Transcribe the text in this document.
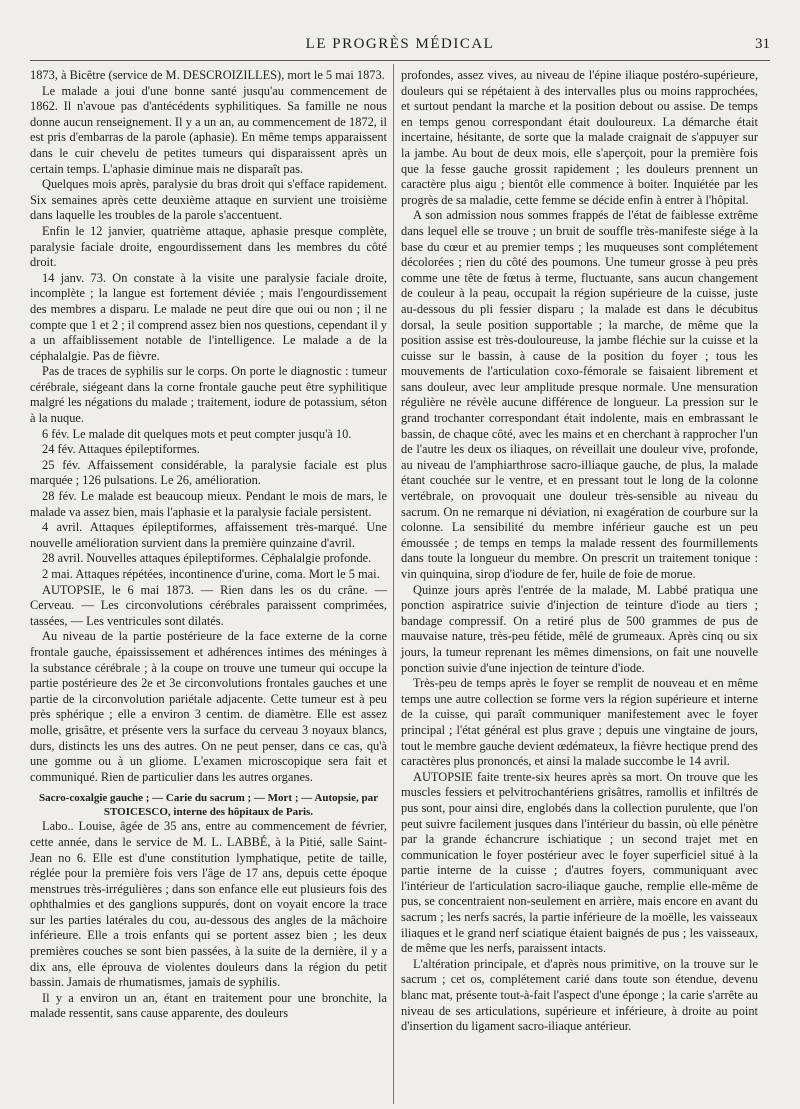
LE PROGRÈS MÉDICAL	31

1873, à Bicêtre (service de M. DESCROIZILLES), mort le 5 mai 1873.

Le malade a joui d'une bonne santé jusqu'au commencement de 1862. Il n'avoue pas d'antécédents syphilitiques. Sa famille ne nous donne aucun renseignement. Il y a un an, au commencement de 1872, il est pris d'embarras de la parole (aphasie). En même temps apparaissent dans le cuir chevelu de petites tumeurs qui disparaissent après un certain temps. L'aphasie diminue mais ne disparaît pas.

Quelques mois après, paralysie du bras droit qui s'efface rapidement. Six semaines après cette deuxième attaque en survient une troisième dans laquelle les troubles de la parole s'accentuent.

Enfin le 12 janvier, quatrième attaque, aphasie presque complète, paralysie faciale droite, engourdissement dans les membres du côté droit.

14 janv. 73. On constate à la visite une paralysie faciale droite, incomplète ; la langue est fortement déviée ; mais l'engourdissement des membres a disparu. Le malade ne peut dire que oui ou non ; il ne compte que 1 et 2 ; il comprend assez bien nos questions, cependant il y a un affaiblissement notable de l'intelligence. Le malade a de la céphalalgie. Pas de fièvre.

Pas de traces de syphilis sur le corps. On porte le diagnostic : tumeur cérébrale, siégeant dans la corne frontale gauche peut être syphilitique malgré les négations du malade ; traitement, iodure de potassium, séton à la nuque.

6 fév. Le malade dit quelques mots et peut compter jusqu'à 10.

24 fév. Attaques épileptiformes.

25 fév. Affaissement considérable, la paralysie faciale est plus marquée ; 126 pulsations. Le 26, amélioration.

28 fév. Le malade est beaucoup mieux. Pendant le mois de mars, le malade va assez bien, mais l'aphasie et la paralysie faciale persistent.

4 avril. Attaques épileptiformes, affaissement très-marqué. Une nouvelle amélioration survient dans la première quinzaine d'avril.

28 avril. Nouvelles attaques épileptiformes. Céphalalgie profonde.

2 mai. Attaques répétées, incontinence d'urine, coma. Mort le 5 mai.

AUTOPSIE, le 6 mai 1873. — Rien dans les os du crâne. — Cerveau. — Les circonvolutions cérébrales paraissent comprimées, tassées, — Les ventricules sont dilatés.

Au niveau de la partie postérieure de la face externe de la corne frontale gauche, épaississement et adhérences intimes des méninges à la substance cérébrale ; à la coupe on trouve une tumeur qui occupe la partie postérieure des 2e et 3e circonvolutions frontales gauches et une partie de la circonvolution pariétale adjacente. Cette tumeur est à peu près sphérique ; elle a environ 3 centim. de diamètre. Elle est assez molle, grisâtre, et présente vers la surface du cerveau 3 noyaux blancs, durs, distincts les uns des autres. On ne peut penser, dans ce cas, qu'à une gomme ou à un gliome. L'examen microscopique sera fait et communiqué. Rien de particulier dans les autres organes.

Sacro-coxalgie gauche ; — Carie du sacrum ; — Mort ; — Autopsie, par STOICESCO, interne des hôpitaux de Paris.

Labo.. Louise, âgée de 35 ans, entre au commencement de février, cette année, dans le service de M. L. LABBÉ, à la Pitié, salle Saint-Jean no 6. Elle est d'une constitution lymphatique, petite de taille, réglée pour la première fois vers l'âge de 17 ans, depuis cette époque menstrues très-irrégulières ; dans son enfance elle eut plusieurs fois des ophthalmies et des ganglions suppurés, dont on voyait encore la trace sur les parties latérales du cou, au-dessous des angles de la mâchoire inférieure. Elle a trois enfants qui se portent assez bien ; les deux premières couches se sont bien passées, à la suite de la dernière, il y a dix ans, elle éprouva de violentes douleurs dans la région du petit bassin. Jamais de rhumatismes, jamais de syphilis.

Il y a environ un an, étant en traitement pour une bronchite, la malade ressentit, sans cause apparente, des douleurs

profondes, assez vives, au niveau de l'épine iliaque postéro-supérieure, douleurs qui se répétaient à des intervalles plus ou moins rapprochées, et surtout pendant la marche et la position debout ou assise. De temps en temps genou correspondant était douloureux. La démarche était incertaine, hésitante, de sorte que la malade craignait de s'appuyer sur la jambe. Au bout de deux mois, elle s'aperçoit, pour la première fois que la fesse gauche grossit rapidement ; les douleurs prennent un caractère plus aigu ; bientôt elle commence à boiter. Inquiétée par les progrès de sa maladie, cette femme se décide enfin à entrer à l'hôpital.

A son admission nous sommes frappés de l'état de faiblesse extrême dans lequel elle se trouve ; un bruit de souffle très-manifeste siége à la base du cœur et au premier temps ; les muqueuses sont complétement décolorées ; rien du côté des poumons. Une tumeur grosse à peu près comme une tête de fœtus à terme, fluctuante, sans aucun changement de couleur à la peau, occupait la région supérieure de la cuisse, juste au-dessous du pli fessier disparu ; la malade est dans le décubitus dorsal, la seule position supportable ; la marche, de même que la position assise est très-douloureuse, la jambe fléchie sur la cuisse et la cuisse sur le bassin, à cause de la position du foyer ; tous les mouvements de l'articulation coxo-fémorale se faisaient librement et sans douleur, avec leur amplitude presque normale. Une mensuration régulière ne révèle aucune différence de longueur. La pression sur le grand trochanter correspondant était indolente, mais en embrassant le bassin, de chaque côté, avec les mains et en cherchant à rapprocher l'un de l'autre les deux os iliaques, on réveillait une douleur vive, profonde, au niveau de l'amphiarthrose sacro-illiaque gauche, de plus, la malade étant couchée sur le ventre, et en pressant tout le long de la colonne vertébrale, on provoquait une douleur très-sensible au niveau du sacrum. On ne remarque ni déviation, ni exagération de courbure sur la colonne. La sensibilité du membre inférieur gauche est un peu émoussée ; de temps en temps la malade ressent des fourmillements dans toute la longueur du membre. On prescrit un traitement tonique : vin quinquina, sirop d'iodure de fer, huile de foie de morue.

Quinze jours après l'entrée de la malade, M. Labbé pratiqua une ponction aspiratrice suivie d'injection de teinture d'iode au tiers ; bandage compressif. On a retiré plus de 500 grammes de pus de mauvaise nature, très-peu fétide, mêlé de grumeaux. Après cinq ou six jours, la tumeur reprenant les mêmes dimensions, on fait une nouvelle ponction suivie d'une injection de teinture d'iode.

Très-peu de temps après le foyer se remplit de nouveau et en même temps une autre collection se forme vers la région supérieure et interne de la cuisse, qui paraît communiquer manifestement avec le foyer principal ; l'état général est plus grave ; depuis une vingtaine de jours, tout le membre gauche devient œdémateux, la fièvre hectique prend des caractères plus prononcés, et ainsi la malade succombe le 14 avril.

AUTOPSIE faite trente-six heures après sa mort. On trouve que les muscles fessiers et pelvitrochantériens grisâtres, ramollis et infiltrés de pus sont, pour ainsi dire, englobés dans la collection purulente, que l'on peut suivre facilement jusques dans l'intérieur du bassin, où elle pénètre par la grande échancrure ischiatique ; un second trajet met en communication le foyer postérieur avec le foyer superficiel situé à la partie interne de la cuisse ; d'autres foyers, communiquant avec l'intérieur de l'articulation sacro-iliaque gauche, remplie elle-même de pus, se concentraient non-seulement en arrière, mais encore en avant du sacrum ; les nerfs sacrés, la partie inférieure de la moëlle, les vaisseaux iliaques et le grand nerf sciatique étaient baignés de pus ; les vaisseaux, de même que les nerfs, paraissent intacts.

L'altération principale, et d'après nous primitive, on la trouve sur le sacrum ; cet os, complétement carié dans toute son étendue, devenu blanc mat, présente tout-à-fait l'aspect d'une éponge ; la carie s'arrête au niveau de ses articulations, supérieure et inférieure, à droite au point d'insertion du ligament sacro-iliaque antérieur.
